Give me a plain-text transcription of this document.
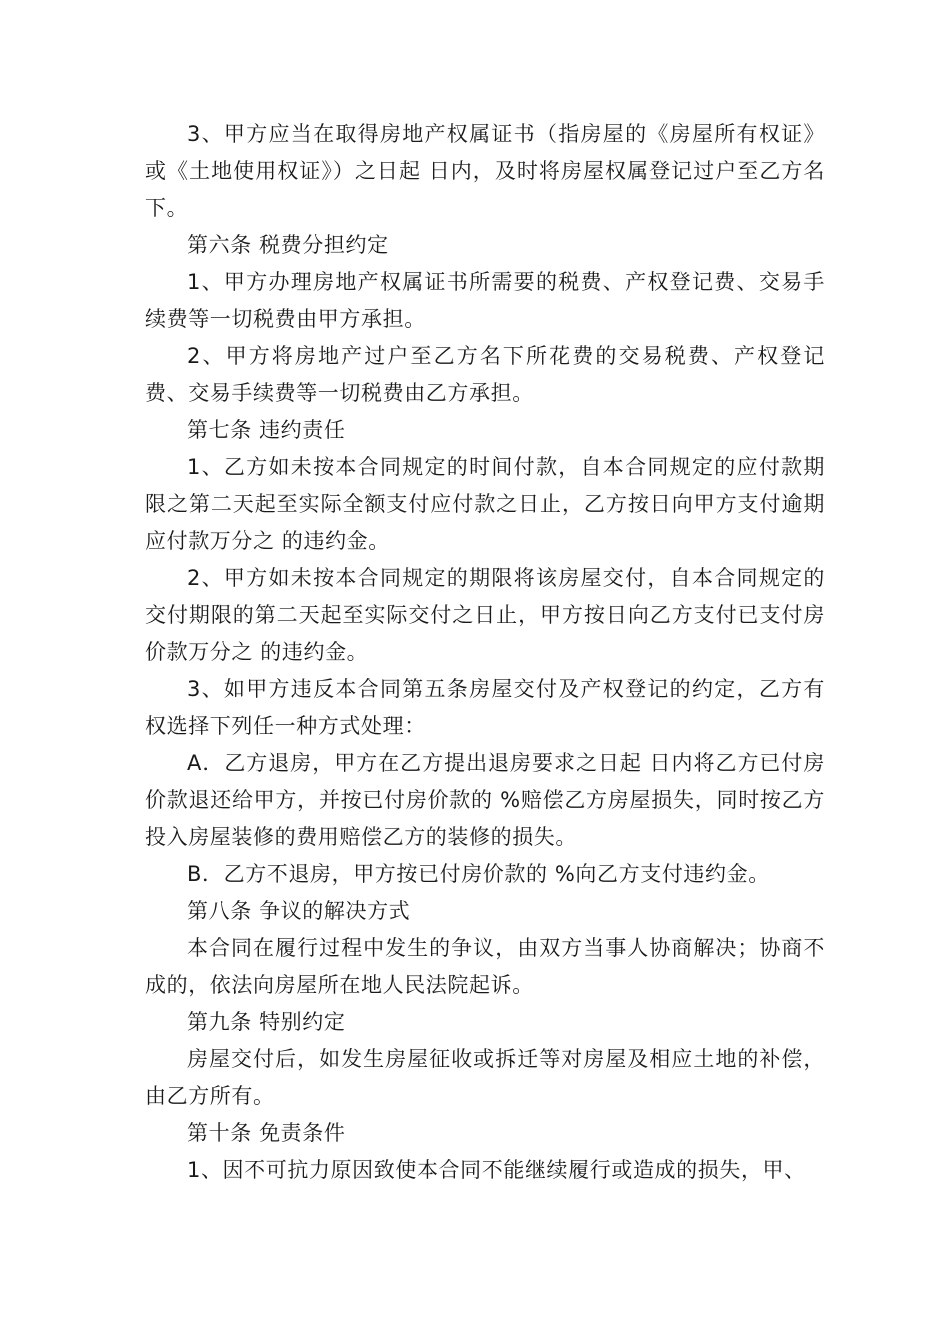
3、甲方应当在取得房地产权属证书（指房屋的《房屋所有权证》或《土地使用权证》）之日起 日内，及时将房屋权属登记过户至乙方名下。

第六条 税费分担约定

1、甲方办理房地产权属证书所需要的税费、产权登记费、交易手续费等一切税费由甲方承担。

2、甲方将房地产过户至乙方名下所花费的交易税费、产权登记费、交易手续费等一切税费由乙方承担。

第七条 违约责任

1、乙方如未按本合同规定的时间付款，自本合同规定的应付款期限之第二天起至实际全额支付应付款之日止，乙方按日向甲方支付逾期应付款万分之 的违约金。

2、甲方如未按本合同规定的期限将该房屋交付，自本合同规定的交付期限的第二天起至实际交付之日止，甲方按日向乙方支付已支付房价款万分之 的违约金。

3、如甲方违反本合同第五条房屋交付及产权登记的约定，乙方有权选择下列任一种方式处理：

A．乙方退房，甲方在乙方提出退房要求之日起 日内将乙方已付房价款退还给甲方，并按已付房价款的 %赔偿乙方房屋损失，同时按乙方投入房屋装修的费用赔偿乙方的装修的损失。

B．乙方不退房，甲方按已付房价款的 %向乙方支付违约金。

第八条 争议的解决方式

本合同在履行过程中发生的争议，由双方当事人协商解决；协商不成的，依法向房屋所在地人民法院起诉。

第九条 特别约定

房屋交付后，如发生房屋征收或拆迁等对房屋及相应土地的补偿，由乙方所有。

第十条 免责条件

1、因不可抗力原因致使本合同不能继续履行或造成的损失，甲、
